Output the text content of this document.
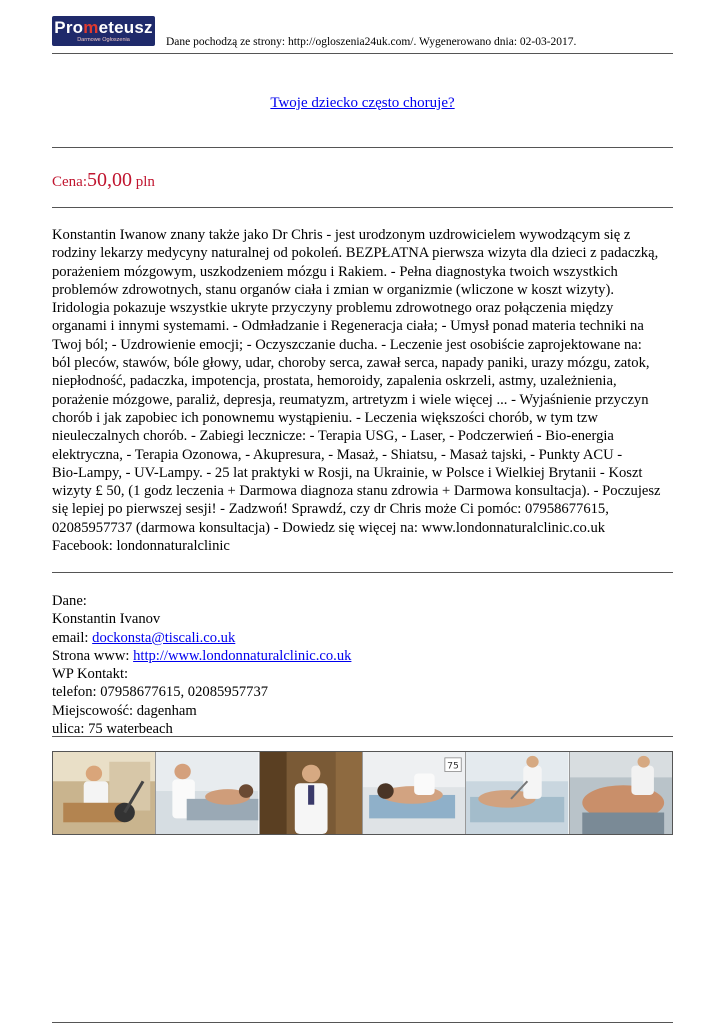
Prometeusz
Darmowe Ogłoszenia	Dane pochodzą ze strony: http://ogloszenia24uk.com/. Wygenerowano dnia: 02-03-2017.
Twoje dziecko często choruje?
Cena:50,00 pln
Konstantin Iwanow znany także jako Dr Chris - jest urodzonym uzdrowicielem wywodzącym się z
rodziny lekarzy medycyny naturalnej od pokoleń. BEZPŁATNA pierwsza wizyta dla dzieci z padaczką,
porażeniem mózgowym, uszkodzeniem mózgu i Rakiem. - Pełna diagnostyka twoich wszystkich
problemów zdrowotnych, stanu organów ciała i zmian w organizmie (wliczone w koszt wizyty).
Iridologia pokazuje wszystkie ukryte przyczyny problemu zdrowotnego oraz połączenia między
organami i innymi systemami. - Odmładzanie i Regeneracja ciała; - Umysł ponad materia techniki na
Twoj ból; - Uzdrowienie emocji; - Oczyszczanie ducha. - Leczenie jest osobiście zaprojektowane na:
ból pleców, stawów, bóle głowy, udar, choroby serca, zawał serca, napady paniki, urazy mózgu, zatok,
niepłodność, padaczka, impotencja, prostata, hemoroidy, zapalenia oskrzeli, astmy, uzależnienia,
porażenie mózgowe, paraliż, depresja, reumatyzm, artretyzm i wiele więcej ... - Wyjaśnienie przyczyn
chorób i jak zapobiec ich ponownemu wystąpieniu. - Leczenia większości chorób, w tym tzw
nieuleczalnych chorób. - Zabiegi lecznicze: - Terapia USG, - Laser, - Podczerwień - Bio-energia
elektryczna, - Terapia Ozonowa, - Akupresura, - Masaż, - Shiatsu, - Masaż tajski, - Punkty ACU -
Bio-Lampy, - UV-Lampy. - 25 lat praktyki w Rosji, na Ukrainie, w Polsce i Wielkiej Brytanii - Koszt
wizyty £ 50, (1 godz leczenia + Darmowa diagnoza stanu zdrowia + Darmowa konsultacja). - Poczujesz
się lepiej po pierwszej sesji! - Zadzwoń! Sprawdź, czy dr Chris może Ci pomóc: 07958677615,
02085957737 (darmowa konsultacja) - Dowiedz się więcej na: www.londonnaturalclinic.co.uk
Facebook: londonnaturalclinic
Dane:
Konstantin Ivanov
email: dockonsta@tiscali.co.uk
Strona www: http://www.londonnaturalclinic.co.uk
WP Kontakt:
telefon: 07958677615, 02085957737
Miejscowość: dagenham
ulica: 75 waterbeach
75
